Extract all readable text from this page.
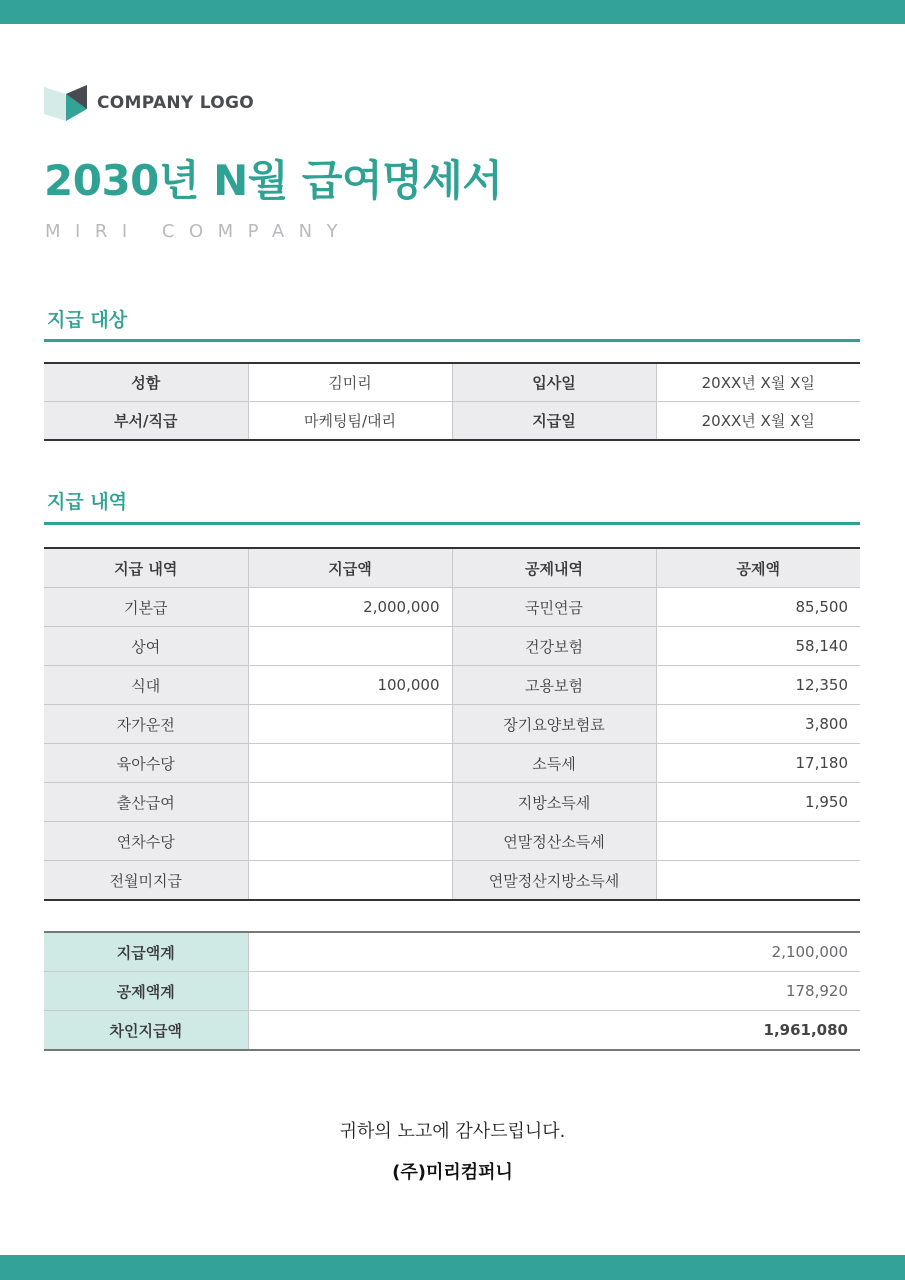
COMPANY LOGO
2030년 N월 급여명세서
MIRI COMPANY
지급 대상
성함	김미리	입사일	20XX년 X월 X일
부서/직급	마케팅팀/대리	지급일	20XX년 X월 X일
지급 내역
지급 내역	지급액	공제내역	공제액
기본급	2,000,000	국민연금	85,500
상여		건강보험	58,140
식대	100,000	고용보험	12,350
자가운전		장기요양보험료	3,800
육아수당		소득세	17,180
출산급여		지방소득세	1,950
연차수당		연말정산소득세	
전월미지급		연말정산지방소득세	
지급액계	2,100,000
공제액계	178,920
차인지급액	1,961,080
귀하의 노고에 감사드립니다.
(주)미리컴퍼니
